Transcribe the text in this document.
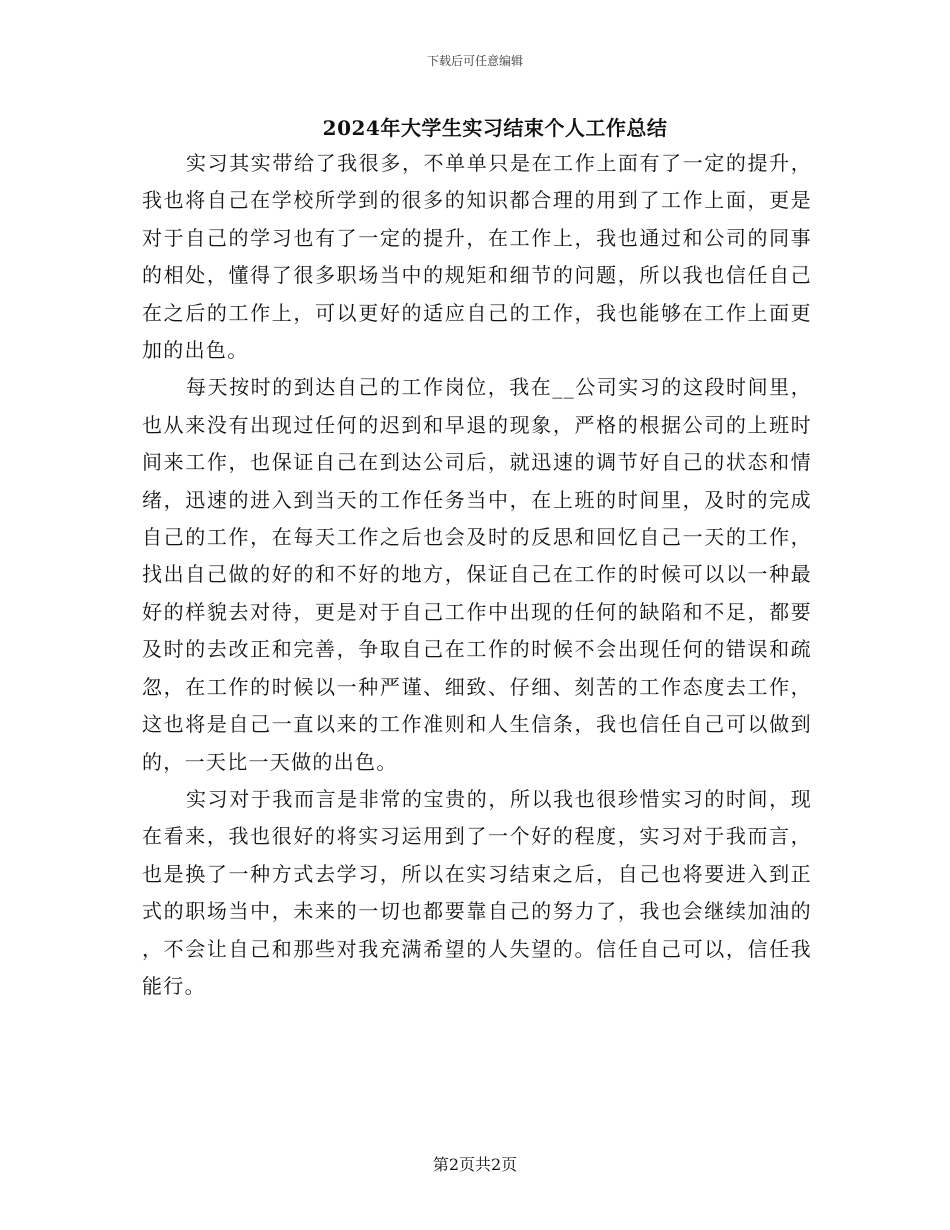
下载后可任意编辑
2024年大学生实习结束个人工作总结

实习其实带给了我很多，不单单只是在工作上面有了一定的提升，我也将自己在学校所学到的很多的知识都合理的用到了工作上面，更是对于自己的学习也有了一定的提升，在工作上，我也通过和公司的同事的相处，懂得了很多职场当中的规矩和细节的问题，所以我也信任自己在之后的工作上，可以更好的适应自己的工作，我也能够在工作上面更加的出色。

每天按时的到达自己的工作岗位，我在__公司实习的这段时间里，也从来没有出现过任何的迟到和早退的现象，严格的根据公司的上班时间来工作，也保证自己在到达公司后，就迅速的调节好自己的状态和情绪，迅速的进入到当天的工作任务当中，在上班的时间里，及时的完成自己的工作，在每天工作之后也会及时的反思和回忆自己一天的工作，找出自己做的好的和不好的地方，保证自己在工作的时候可以以一种最好的样貌去对待，更是对于自己工作中出现的任何的缺陷和不足，都要及时的去改正和完善，争取自己在工作的时候不会出现任何的错误和疏忽，在工作的时候以一种严谨、细致、仔细、刻苦的工作态度去工作，这也将是自己一直以来的工作准则和人生信条，我也信任自己可以做到的，一天比一天做的出色。

实习对于我而言是非常的宝贵的，所以我也很珍惜实习的时间，现在看来，我也很好的将实习运用到了一个好的程度，实习对于我而言，也是换了一种方式去学习，所以在实习结束之后，自己也将要进入到正式的职场当中，未来的一切也都要靠自己的努力了，我也会继续加油的，不会让自己和那些对我充满希望的人失望的。信任自己可以，信任我能行。

第2页共2页
